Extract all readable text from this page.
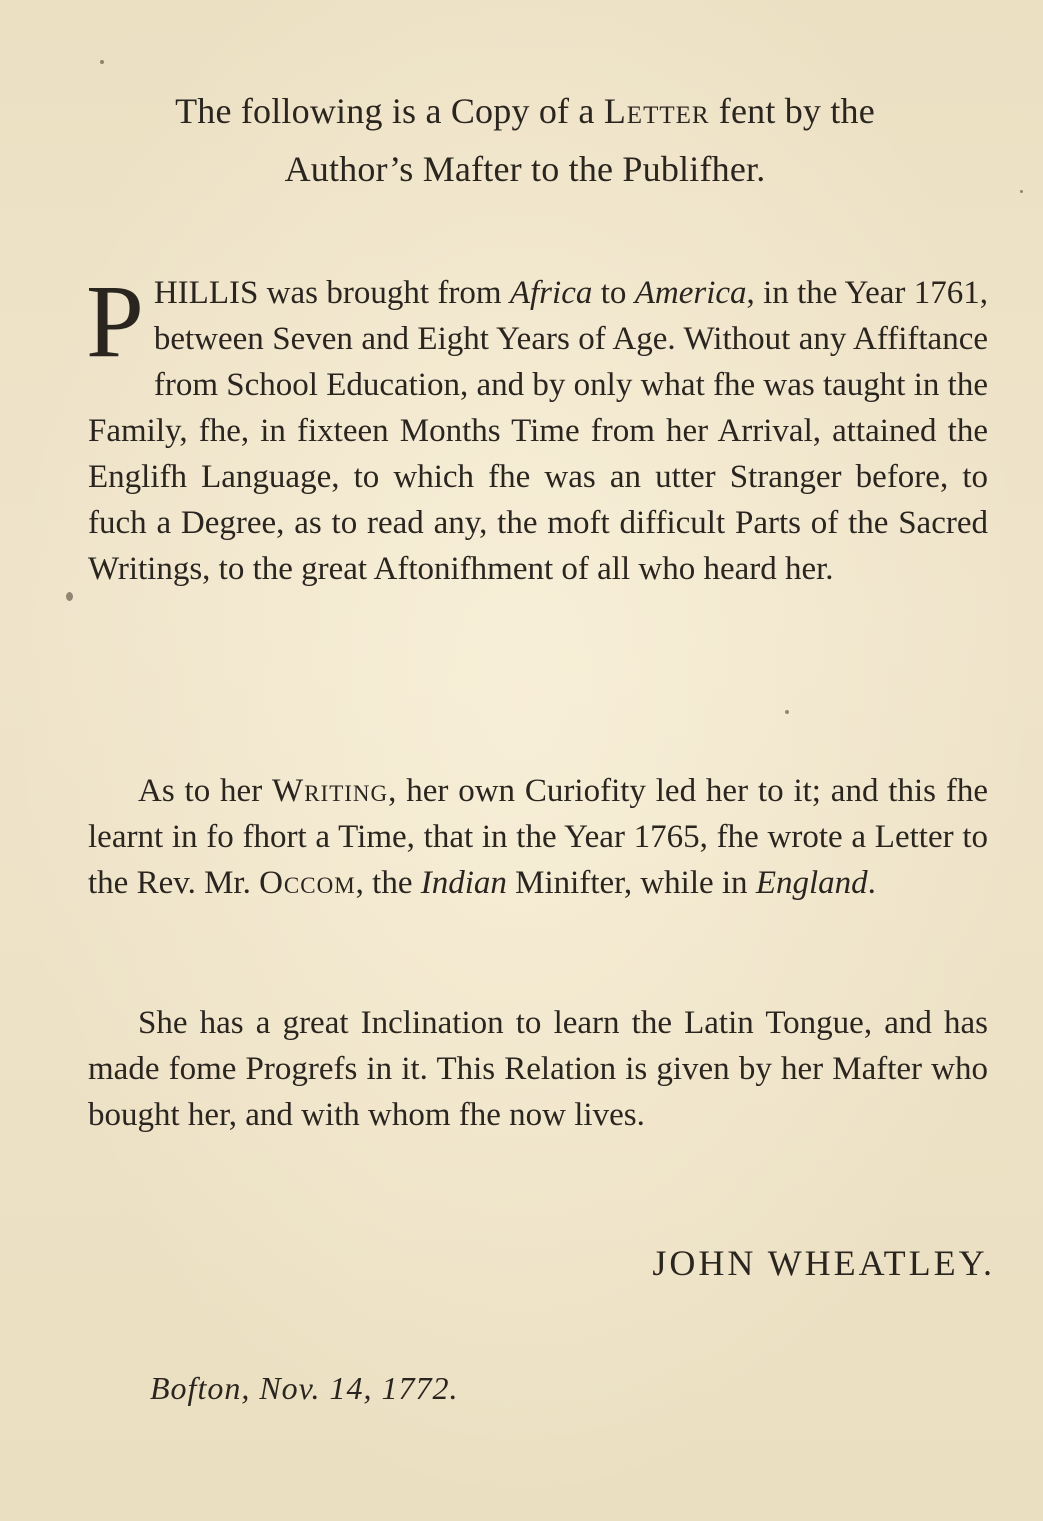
The following is a Copy of a Letter fent by the
Author’s Mafter to the Publifher.

PHILLIS was brought from Africa to America, in the Year 1761, between Seven and Eight Years of Age. Without any Affiftance from School Education, and by only what fhe was taught in the Family, fhe, in fixteen Months Time from her Arrival, attained the Englifh Language, to which fhe was an utter Stranger before, to fuch a Degree, as to read any, the moft difficult Parts of the Sacred Writings, to the great Aftonifhment of all who heard her.

As to her Writing, her own Curiofity led her to it; and this fhe learnt in fo fhort a Time, that in the Year 1765, fhe wrote a Letter to the Rev. Mr. Occom, the Indian Minifter, while in England.

She has a great Inclination to learn the Latin Tongue, and has made fome Progrefs in it. This Relation is given by her Mafter who bought her, and with whom fhe now lives.

JOHN WHEATLEY.
Bofton, Nov. 14, 1772.
